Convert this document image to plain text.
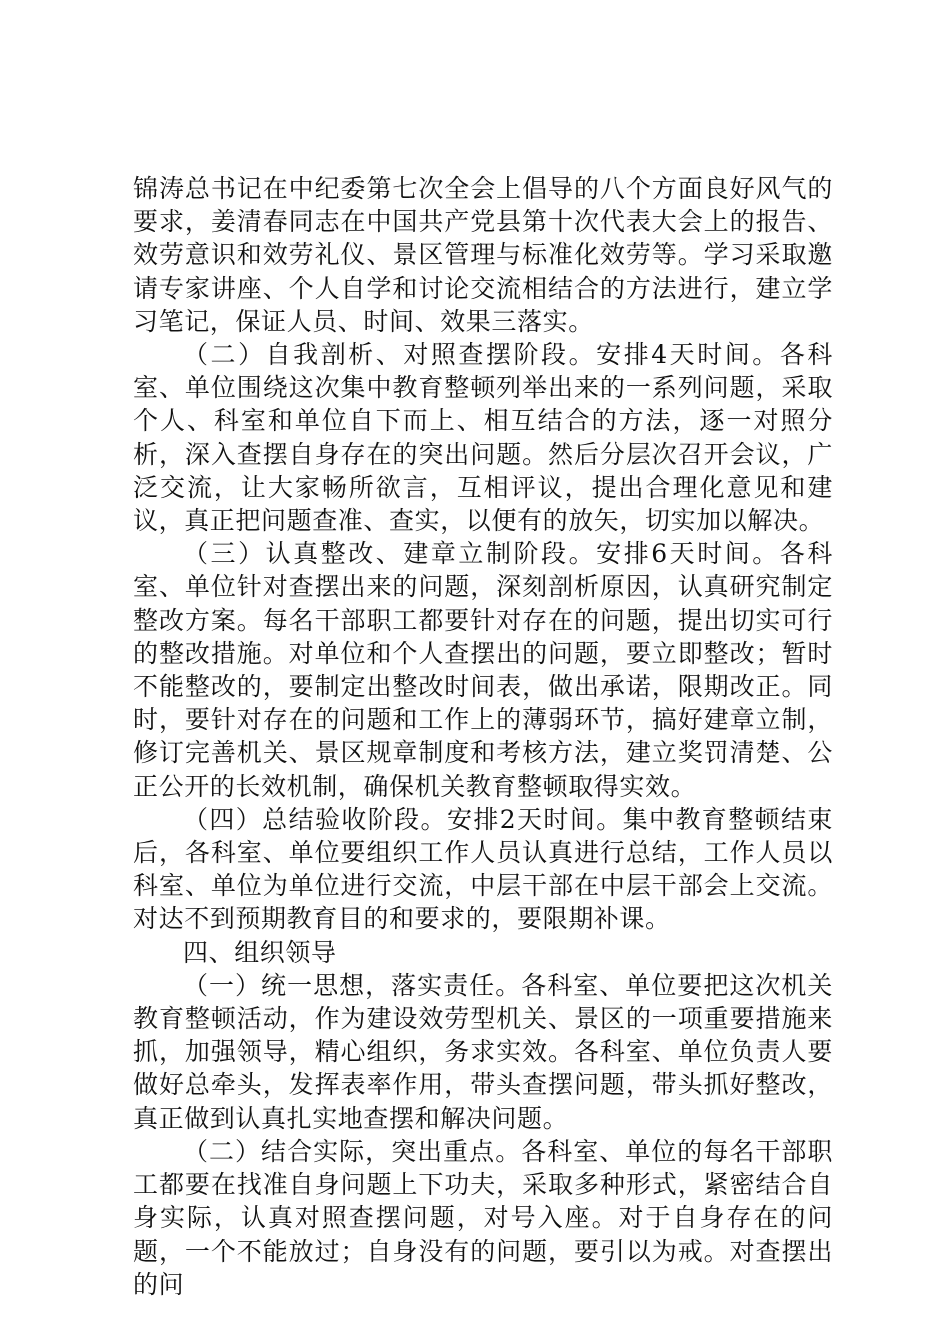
锦涛总书记在中纪委第七次全会上倡导的八个方面良好风气的要求，姜清春同志在中国共产党县第十次代表大会上的报告、效劳意识和效劳礼仪、景区管理与标准化效劳等。学习采取邀请专家讲座、个人自学和讨论交流相结合的方法进行，建立学习笔记，保证人员、时间、效果三落实。

（二）自我剖析、对照查摆阶段。安排4天时间。各科室、单位围绕这次集中教育整顿列举出来的一系列问题，采取个人、科室和单位自下而上、相互结合的方法，逐一对照分析，深入查摆自身存在的突出问题。然后分层次召开会议，广泛交流，让大家畅所欲言，互相评议，提出合理化意见和建议，真正把问题查准、查实，以便有的放矢，切实加以解决。

（三）认真整改、建章立制阶段。安排6天时间。各科室、单位针对查摆出来的问题，深刻剖析原因，认真研究制定整改方案。每名干部职工都要针对存在的问题，提出切实可行的整改措施。对单位和个人查摆出的问题，要立即整改；暂时不能整改的，要制定出整改时间表，做出承诺，限期改正。同时，要针对存在的问题和工作上的薄弱环节，搞好建章立制，修订完善机关、景区规章制度和考核方法，建立奖罚清楚、公正公开的长效机制，确保机关教育整顿取得实效。

（四）总结验收阶段。安排2天时间。集中教育整顿结束后，各科室、单位要组织工作人员认真进行总结，工作人员以科室、单位为单位进行交流，中层干部在中层干部会上交流。对达不到预期教育目的和要求的，要限期补课。

四、组织领导

（一）统一思想，落实责任。各科室、单位要把这次机关教育整顿活动，作为建设效劳型机关、景区的一项重要措施来抓，加强领导，精心组织，务求实效。各科室、单位负责人要做好总牵头，发挥表率作用，带头查摆问题，带头抓好整改，真正做到认真扎实地查摆和解决问题。

（二）结合实际，突出重点。各科室、单位的每名干部职工都要在找准自身问题上下功夫，采取多种形式，紧密结合自身实际，认真对照查摆问题，对号入座。对于自身存在的问题，一个不能放过；自身没有的问题，要引以为戒。对查摆出的问
